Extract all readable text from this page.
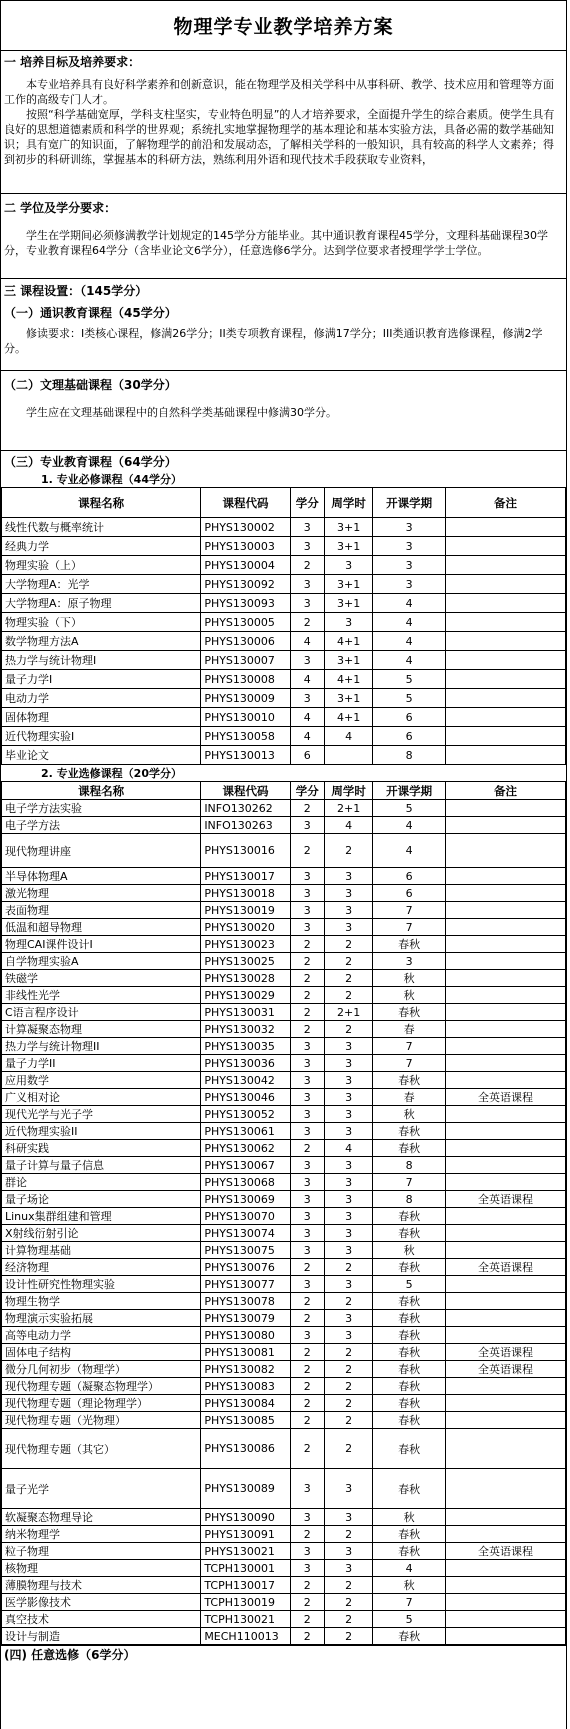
物理学专业教学培养方案
一 培养目标及培养要求：

本专业培养具有良好科学素养和创新意识，能在物理学及相关学科中从事科研、教学、技术应用和管理等方面工作的高级专门人才。

按照“科学基础宽厚，学科支柱坚实，专业特色明显”的人才培养要求，全面提升学生的综合素质。使学生具有良好的思想道德素质和科学的世界观；系统扎实地掌握物理学的基本理论和基本实验方法，具备必需的数学基础知识；具有宽广的知识面，了解物理学的前沿和发展动态，了解相关学科的一般知识，具有较高的科学人文素养；得到初步的科研训练，掌握基本的科研方法，熟练利用外语和现代技术手段获取专业资料，

二 学位及学分要求：

学生在学期间必须修满教学计划规定的145学分方能毕业。其中通识教育课程45学分，文理科基础课程30学分，专业教育课程64学分（含毕业论文6学分），任意选修6学分。达到学位要求者授理学学士学位。

三 课程设置：（145学分）
（一）通识教育课程（45学分）

修读要求：I类核心课程，修满26学分；II类专项教育课程，修满17学分；III类通识教育选修课程，修满2学分。

（二）文理基础课程（30学分）

学生应在文理基础课程中的自然科学类基础课程中修满30学分。

（三）专业教育课程（64学分）
1. 专业必修课程（44学分）
课程名称	课程代码	学分	周学时	开课学期	备注
线性代数与概率统计	PHYS130002	3	3+1	3	
经典力学	PHYS130003	3	3+1	3	
物理实验（上）	PHYS130004	2	3	3	
大学物理A：光学	PHYS130092	3	3+1	3	
大学物理A：原子物理	PHYS130093	3	3+1	4	
物理实验（下）	PHYS130005	2	3	4	
数学物理方法A	PHYS130006	4	4+1	4	
热力学与统计物理I	PHYS130007	3	3+1	4	
量子力学I	PHYS130008	4	4+1	5	
电动力学	PHYS130009	3	3+1	5	
固体物理	PHYS130010	4	4+1	6	
近代物理实验I	PHYS130058	4	4	6	
毕业论文	PHYS130013	6		8	
2. 专业选修课程（20学分）
课程名称	课程代码	学分	周学时	开课学期	备注
电子学方法实验	INFO130262	2	2+1	5	
电子学方法	INFO130263	3	4	4	
现代物理讲座	PHYS130016	2	2	4	
半导体物理A	PHYS130017	3	3	6	
激光物理	PHYS130018	3	3	6	
表面物理	PHYS130019	3	3	7	
低温和超导物理	PHYS130020	3	3	7	
物理CAI课件设计I	PHYS130023	2	2	春秋	
自学物理实验A	PHYS130025	2	2	3	
铁磁学	PHYS130028	2	2	秋	
非线性光学	PHYS130029	2	2	秋	
C语言程序设计	PHYS130031	2	2+1	春秋	
计算凝聚态物理	PHYS130032	2	2	春	
热力学与统计物理II	PHYS130035	3	3	7	
量子力学II	PHYS130036	3	3	7	
应用数学	PHYS130042	3	3	春秋	
广义相对论	PHYS130046	3	3	春	全英语课程
现代光学与光子学	PHYS130052	3	3	秋	
近代物理实验II	PHYS130061	3	3	春秋	
科研实践	PHYS130062	2	4	春秋	
量子计算与量子信息	PHYS130067	3	3	8	
群论	PHYS130068	3	3	7	
量子场论	PHYS130069	3	3	8	全英语课程
Linux集群组建和管理	PHYS130070	3	3	春秋	
X射线衍射引论	PHYS130074	3	3	春秋	
计算物理基础	PHYS130075	3	3	秋	
经济物理	PHYS130076	2	2	春秋	全英语课程
设计性研究性物理实验	PHYS130077	3	3	5	
物理生物学	PHYS130078	2	2	春秋	
物理演示实验拓展	PHYS130079	2	3	春秋	
高等电动力学	PHYS130080	3	3	春秋	
固体电子结构	PHYS130081	2	2	春秋	全英语课程
微分几何初步（物理学）	PHYS130082	2	2	春秋	全英语课程
现代物理专题（凝聚态物理学）	PHYS130083	2	2	春秋	
现代物理专题（理论物理学）	PHYS130084	2	2	春秋	
现代物理专题（光物理）	PHYS130085	2	2	春秋	
现代物理专题（其它）	PHYS130086	2	2	春秋	
量子光学	PHYS130089	3	3	春秋	
软凝聚态物理导论	PHYS130090	3	3	秋	
纳米物理学	PHYS130091	2	2	春秋	
粒子物理	PHYS130021	3	3	春秋	全英语课程
核物理	TCPH130001	3	3	4	
薄膜物理与技术	TCPH130017	2	2	秋	
医学影像技术	TCPH130019	2	2	7	
真空技术	TCPH130021	2	2	5	
设计与制造	MECH110013	2	2	春秋	
(四) 任意选修（6学分）
